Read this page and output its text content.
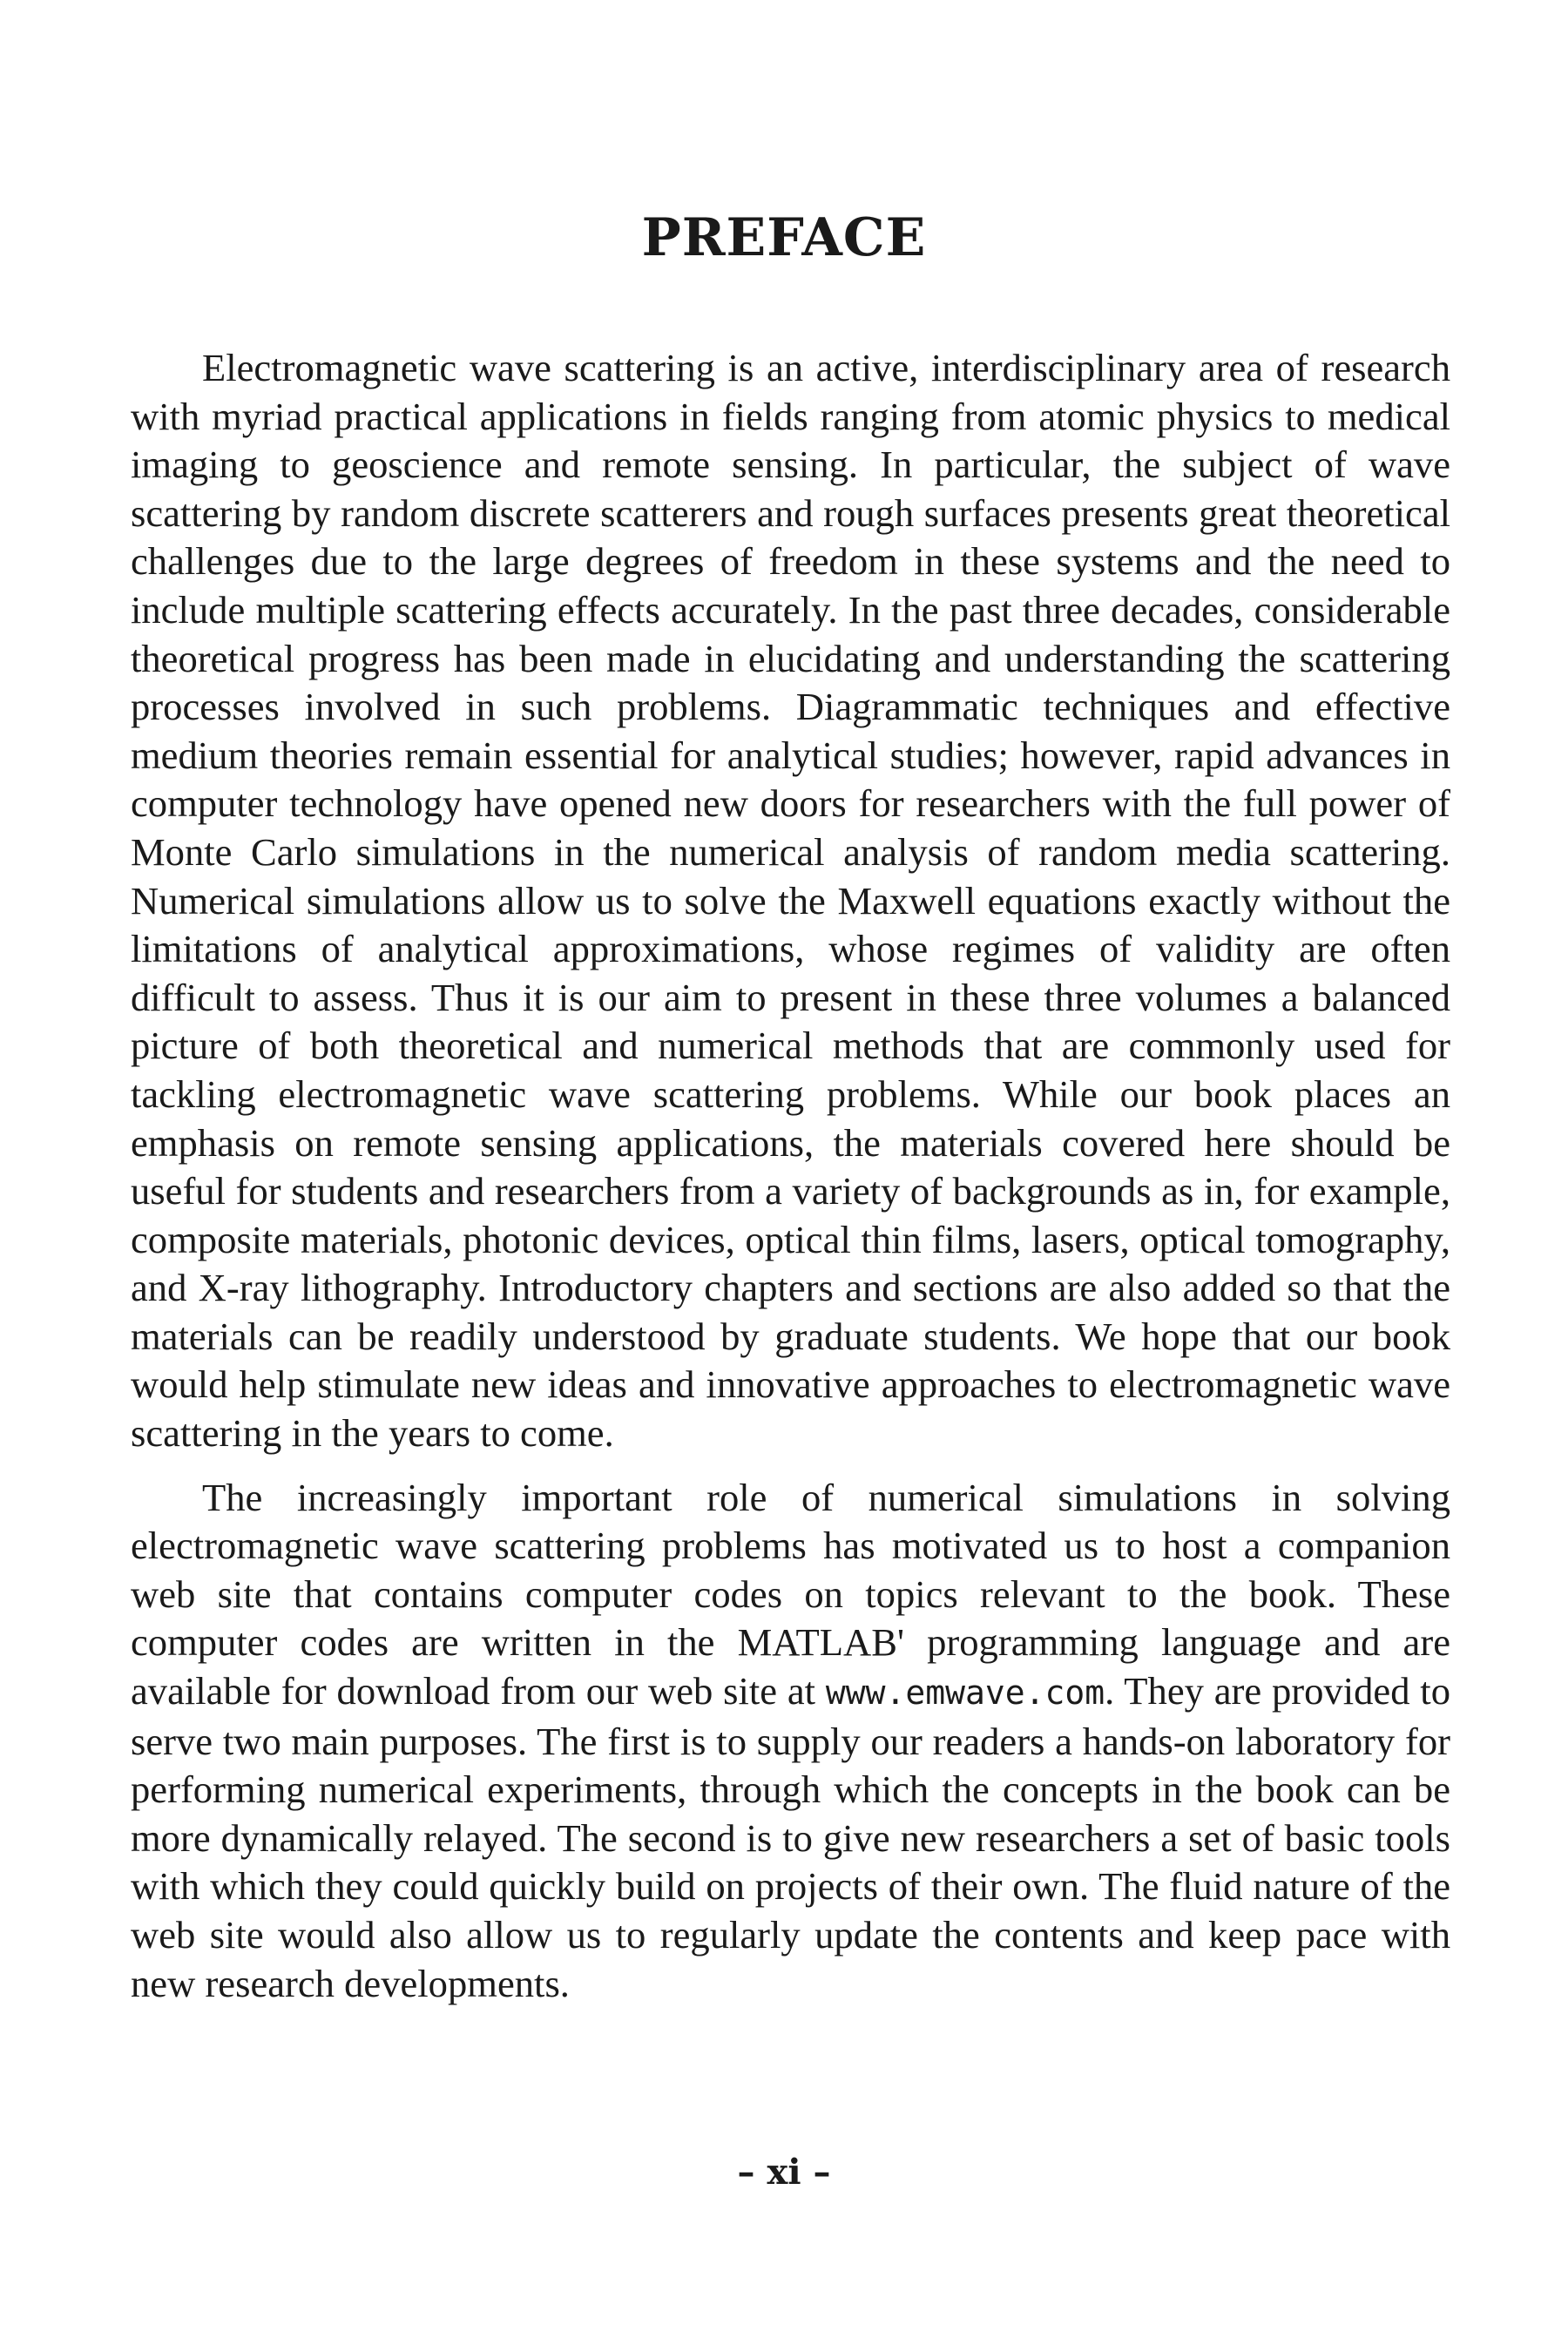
PREFACE

Electromagnetic wave scattering is an active, interdisciplinary area of research with myriad practical applications in fields ranging from atomic physics to medical imaging to geoscience and remote sensing. In particular, the subject of wave scattering by random discrete scatterers and rough surfaces presents great theoretical challenges due to the large degrees of freedom in these systems and the need to include multiple scattering effects accurately. In the past three decades, considerable theoretical progress has been made in elucidating and understanding the scattering processes involved in such problems. Diagrammatic techniques and effective medium theories remain essential for analytical studies; however, rapid advances in computer technology have opened new doors for researchers with the full power of Monte Carlo simulations in the numerical analysis of random media scattering. Numerical simulations allow us to solve the Maxwell equations exactly without the limitations of analytical approximations, whose regimes of validity are often difficult to assess. Thus it is our aim to present in these three volumes a balanced picture of both theoretical and numerical methods that are commonly used for tackling electromagnetic wave scattering problems. While our book places an emphasis on remote sensing applications, the materials covered here should be useful for students and researchers from a variety of backgrounds as in, for example, composite materials, photonic devices, optical thin films, lasers, optical tomography, and X-ray lithography. Introductory chapters and sections are also added so that the materials can be readily understood by graduate students. We hope that our book would help stimulate new ideas and innovative approaches to electromagnetic wave scattering in the years to come.

The increasingly important role of numerical simulations in solving electromagnetic wave scattering problems has motivated us to host a companion web site that contains computer codes on topics relevant to the book. These computer codes are written in the MATLAB' programming language and are available for download from our web site at www.emwave.com. They are provided to serve two main purposes. The first is to supply our readers a hands-on laboratory for performing numerical experiments, through which the concepts in the book can be more dynamically relayed. The second is to give new researchers a set of basic tools with which they could quickly build on projects of their own. The fluid nature of the web site would also allow us to regularly update the contents and keep pace with new research developments.

– xi –
